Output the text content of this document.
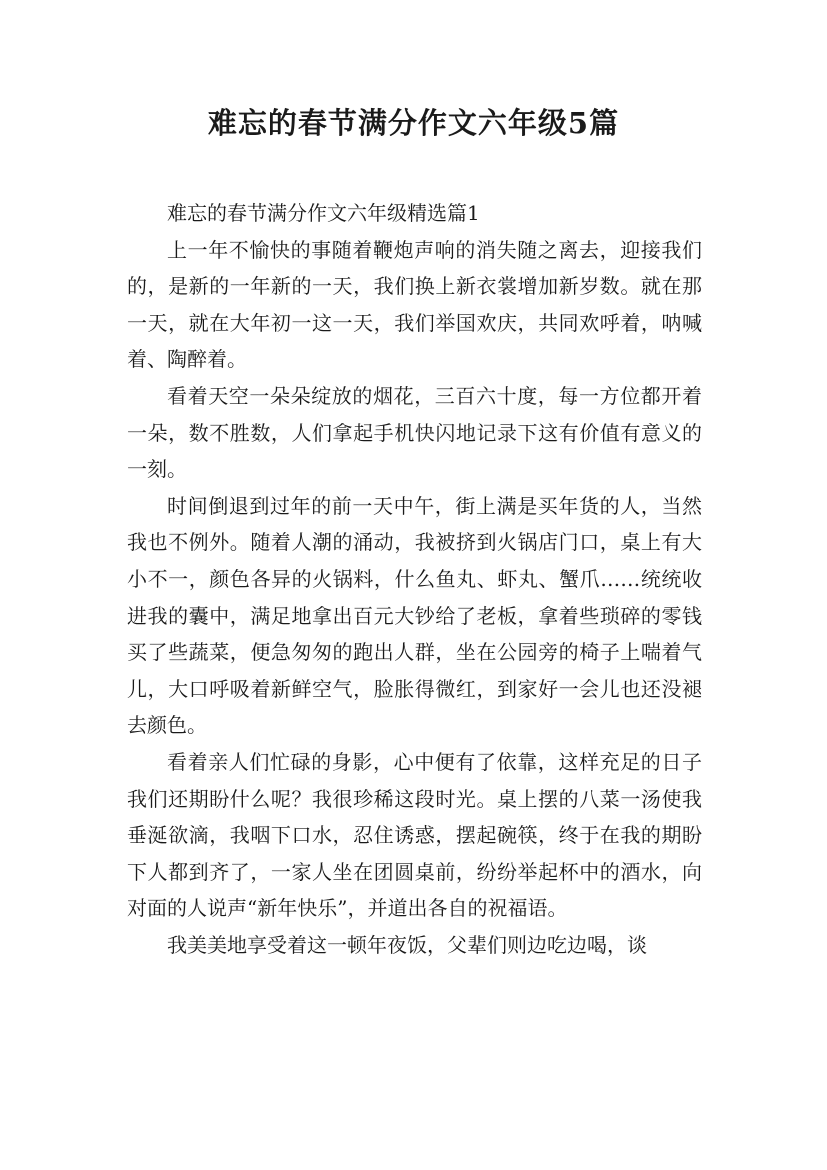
难忘的春节满分作文六年级5篇

难忘的春节满分作文六年级精选篇1

上一年不愉快的事随着鞭炮声响的消失随之离去，迎接我们的，是新的一年新的一天，我们换上新衣裳增加新岁数。就在那一天，就在大年初一这一天，我们举国欢庆，共同欢呼着，呐喊着、陶醉着。

看着天空一朵朵绽放的烟花，三百六十度，每一方位都开着一朵，数不胜数，人们拿起手机快闪地记录下这有价值有意义的一刻。

时间倒退到过年的前一天中午，街上满是买年货的人，当然我也不例外。随着人潮的涌动，我被挤到火锅店门口，桌上有大小不一，颜色各异的火锅料，什么鱼丸、虾丸、蟹爪……统统收进我的囊中，满足地拿出百元大钞给了老板，拿着些琐碎的零钱买了些蔬菜，便急匆匆的跑出人群，坐在公园旁的椅子上喘着气儿，大口呼吸着新鲜空气，脸胀得微红，到家好一会儿也还没褪去颜色。

看着亲人们忙碌的身影，心中便有了依靠，这样充足的日子我们还期盼什么呢？我很珍稀这段时光。桌上摆的八菜一汤使我垂涎欲滴，我咽下口水，忍住诱惑，摆起碗筷，终于在我的期盼下人都到齐了，一家人坐在团圆桌前，纷纷举起杯中的酒水，向对面的人说声“新年快乐”，并道出各自的祝福语。

我美美地享受着这一顿年夜饭，父辈们则边吃边喝，谈
